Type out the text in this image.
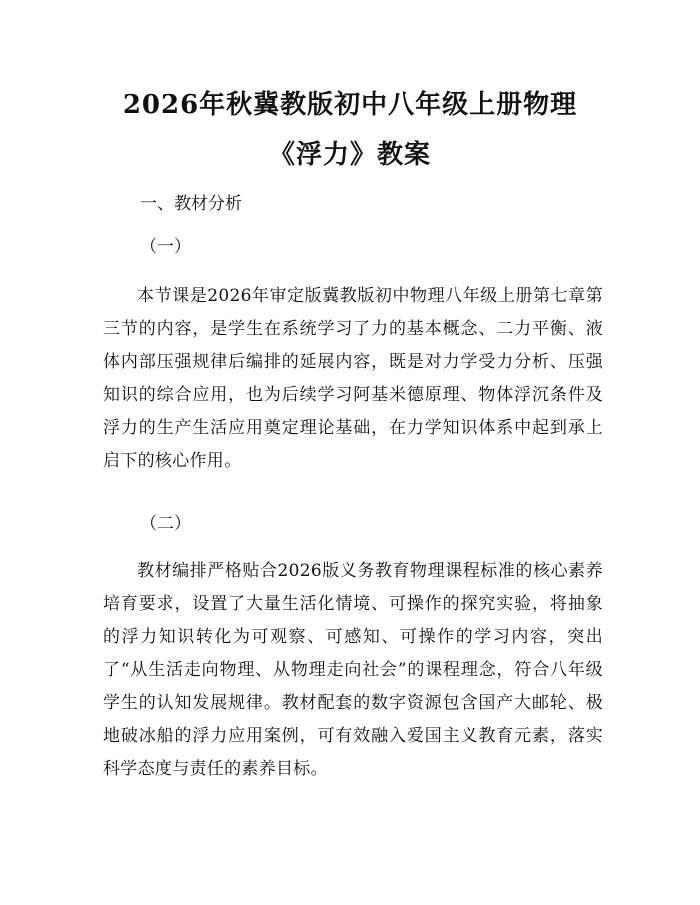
2026年秋冀教版初中八年级上册物理《浮力》教案

一、教材分析

（一）

本节课是2026年审定版冀教版初中物理八年级上册第七章第三节的内容，是学生在系统学习了力的基本概念、二力平衡、液体内部压强规律后编排的延展内容，既是对力学受力分析、压强知识的综合应用，也为后续学习阿基米德原理、物体浮沉条件及浮力的生产生活应用奠定理论基础，在力学知识体系中起到承上启下的核心作用。

（二）

教材编排严格贴合2026版义务教育物理课程标准的核心素养培育要求，设置了大量生活化情境、可操作的探究实验，将抽象的浮力知识转化为可观察、可感知、可操作的学习内容，突出了“从生活走向物理、从物理走向社会”的课程理念，符合八年级学生的认知发展规律。教材配套的数字资源包含国产大邮轮、极地破冰船的浮力应用案例，可有效融入爱国主义教育元素，落实科学态度与责任的素养目标。
